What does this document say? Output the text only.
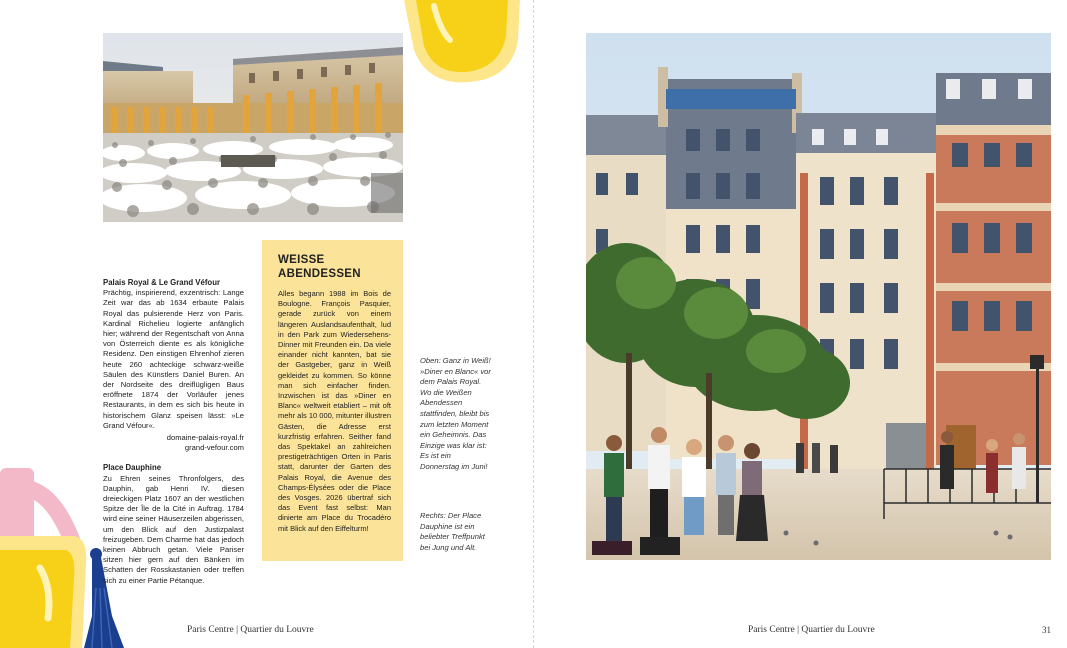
Palais Royal & Le Grand Véfour

Prächtig, inspirierend, exzentrisch: Lange Zeit war das ab 1634 erbaute Palais Royal das pulsierende Herz von Paris. Kardinal Richelieu logierte anfänglich hier; während der Regentschaft von Anna von Österreich diente es als königliche Residenz. Den einstigen Ehrenhof zieren heute 260 achteckige schwarz-weiße Säulen des Künstlers Daniel Buren. An der Nordseite des dreiflügligen Baus eröffnete 1874 der Vorläufer jenes Restaurants, in dem es sich bis heute in historischem Glanz speisen lässt: »Le Grand Véfour«.

domaine-palais-royal.fr

grand-vefour.com

Place Dauphine

Zu Ehren seines Thronfolgers, des Dauphin, gab Henri IV. diesen dreieckigen Platz 1607 an der westlichen Spitze der Île de la Cité in Auftrag. 1784 wird eine seiner Häuserzeilen abgerissen, um den Blick auf den Justizpalast freizugeben. Dem Charme hat das jedoch keinen Abbruch getan. Viele Pariser sitzen hier gern auf den Bänken im Schatten der Rosskastanien oder treffen sich zu einer Partie Pétanque.

WEISSE ABENDESSEN

Alles begann 1988 im Bois de Boulogne. François Pasquier, gerade zurück von einem längeren Auslandsaufenthalt, lud in den Park zum Wiedersehens-Dinner mit Freunden ein. Da viele einander nicht kannten, bat sie der Gastgeber, ganz in Weiß gekleidet zu kommen. So könne man sich einfacher finden. Inzwischen ist das »Diner en Blanc« weltweit etabliert – mit oft mehr als 10 000, mitunter illustren Gästen, die Adresse erst kurzfristig erfahren. Seither fand das Spektakel an zahlreichen prestigeträchtigen Orten in Paris statt, darunter der Garten des Palais Royal, die Avenue des Champs-Élysées oder die Place des Vosges. 2026 übertraf sich das Event fast selbst: Man dinierte am Place du Trocadéro mit Blick auf den Eiffelturm!

Oben: Ganz in Weiß! »Diner en Blanc« vor dem Palais Royal. Wo die Weißen Abendessen stattfinden, bleibt bis zum letzten Moment ein Geheimnis. Das Einzige was klar ist: Es ist ein Donnerstag im Juni!
Rechts: Der Place Dauphine ist ein beliebter Treffpunkt bei Jung und Alt.
Paris Centre | Quartier du Louvre	Paris Centre | Quartier du Louvre	31
